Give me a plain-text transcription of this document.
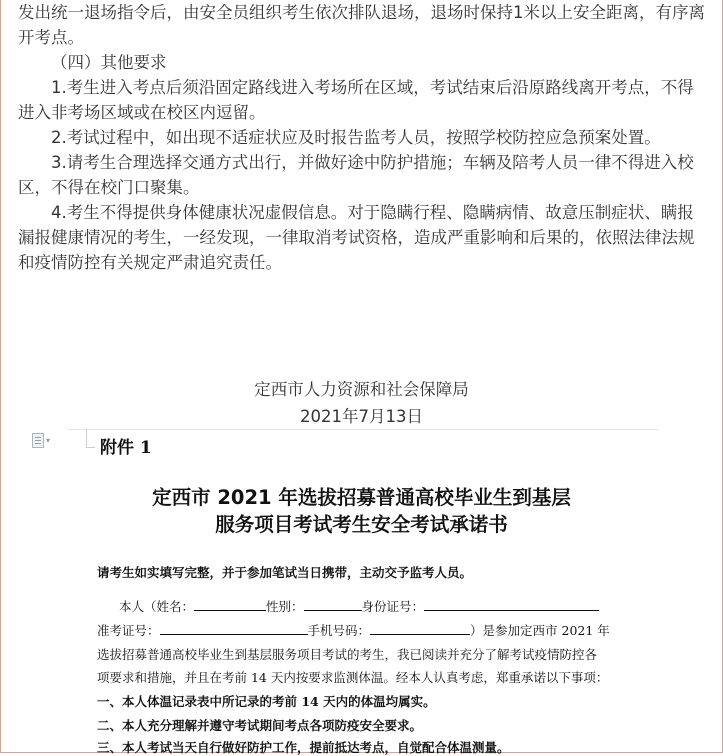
发出统一退场指令后，由安全员组织考生依次排队退场，退场时保持1米以上安全距离，有序离开考点。

（四）其他要求

1.考生进入考点后须沿固定路线进入考场所在区域，考试结束后沿原路线离开考点，不得进入非考场区域或在校区内逗留。

2.考试过程中，如出现不适症状应及时报告监考人员，按照学校防控应急预案处置。

3.请考生合理选择交通方式出行，并做好途中防护措施；车辆及陪考人员一律不得进入校区，不得在校门口聚集。

4.考生不得提供身体健康状况虚假信息。对于隐瞒行程、隐瞒病情、故意压制症状、瞒报漏报健康情况的考生，一经发现，一律取消考试资格，造成严重影响和后果的，依照法律法规和疫情防控有关规定严肃追究责任。

定西市人力资源和社会保障局
2021年7月13日
▾	附件 1
定西市 2021 年选拔招募普通高校毕业生到基层
服务项目考试考生安全考试承诺书
请考生如实填写完整，并于参加笔试当日携带，主动交予监考人员。
本人（姓名：	性别：	身份证号：
准考证号：	手机号码：	）是参加定西市 2021 年
选拔招募普通高校毕业生到基层服务项目考试的考生，我已阅读并充分了解考试疫情防控各
项要求和措施，并且在考前 14 天内按要求监测体温。经本人认真考虑，郑重承诺以下事项：
一、本人体温记录表中所记录的考前 14 天内的体温均属实。
二、本人充分理解并遵守考试期间考点各项防疫安全要求。
三、本人考试当天自行做好防护工作，提前抵达考点，自觉配合体温测量。
